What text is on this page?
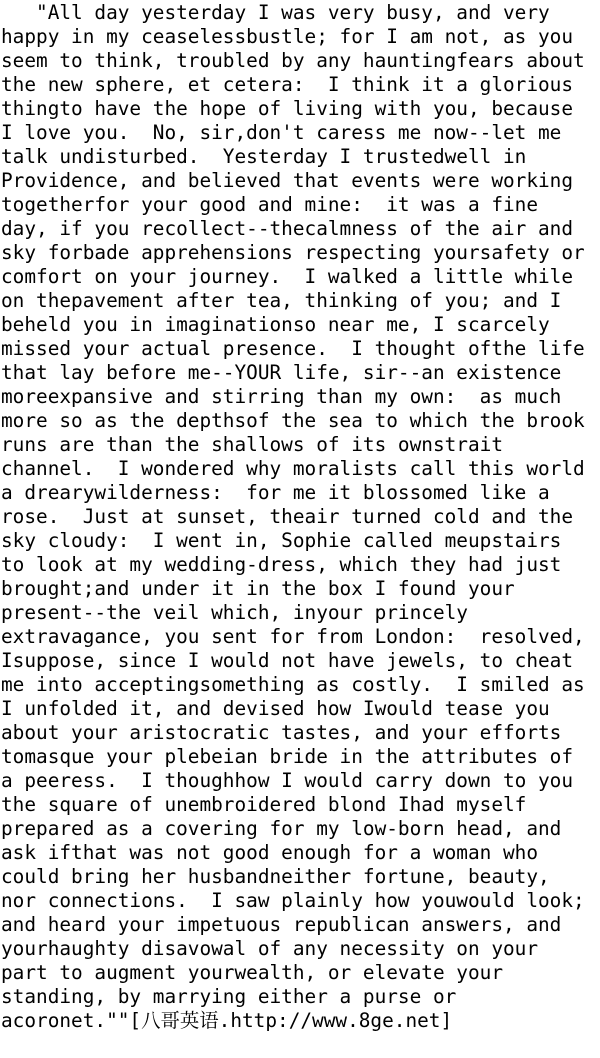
"All day yesterday I was very busy, and very
happy in my ceaselessbustle; for I am not, as you
seem to think, troubled by any hauntingfears about
the new sphere, et cetera:  I think it a glorious
thingto have the hope of living with you, because
I love you.  No, sir,don't caress me now--let me
talk undisturbed.  Yesterday I trustedwell in
Providence, and believed that events were working
togetherfor your good and mine:  it was a fine
day, if you recollect--thecalmness of the air and
sky forbade apprehensions respecting yoursafety or
comfort on your journey.  I walked a little while
on thepavement after tea, thinking of you; and I
beheld you in imaginationso near me, I scarcely
missed your actual presence.  I thought ofthe life
that lay before me--YOUR life, sir--an existence
moreexpansive and stirring than my own:  as much
more so as the depthsof the sea to which the brook
runs are than the shallows of its ownstrait
channel.  I wondered why moralists call this world
a drearywilderness:  for me it blossomed like a
rose.  Just at sunset, theair turned cold and the
sky cloudy:  I went in, Sophie called meupstairs
to look at my wedding-dress, which they had just
brought;and under it in the box I found your
present--the veil which, inyour princely
extravagance, you sent for from London:  resolved,
Isuppose, since I would not have jewels, to cheat
me into acceptingsomething as costly.  I smiled as
I unfolded it, and devised how Iwould tease you
about your aristocratic tastes, and your efforts
tomasque your plebeian bride in the attributes of
a peeress.  I thoughhow I would carry down to you
the square of unembroidered blond Ihad myself
prepared as a covering for my low-born head, and
ask ifthat was not good enough for a woman who
could bring her husbandneither fortune, beauty,
nor connections.  I saw plainly how youwould look;
and heard your impetuous republican answers, and
yourhaughty disavowal of any necessity on your
part to augment yourwealth, or elevate your
standing, by marrying either a purse or
acoronet.""[八哥英语.http://www.8ge.net]
